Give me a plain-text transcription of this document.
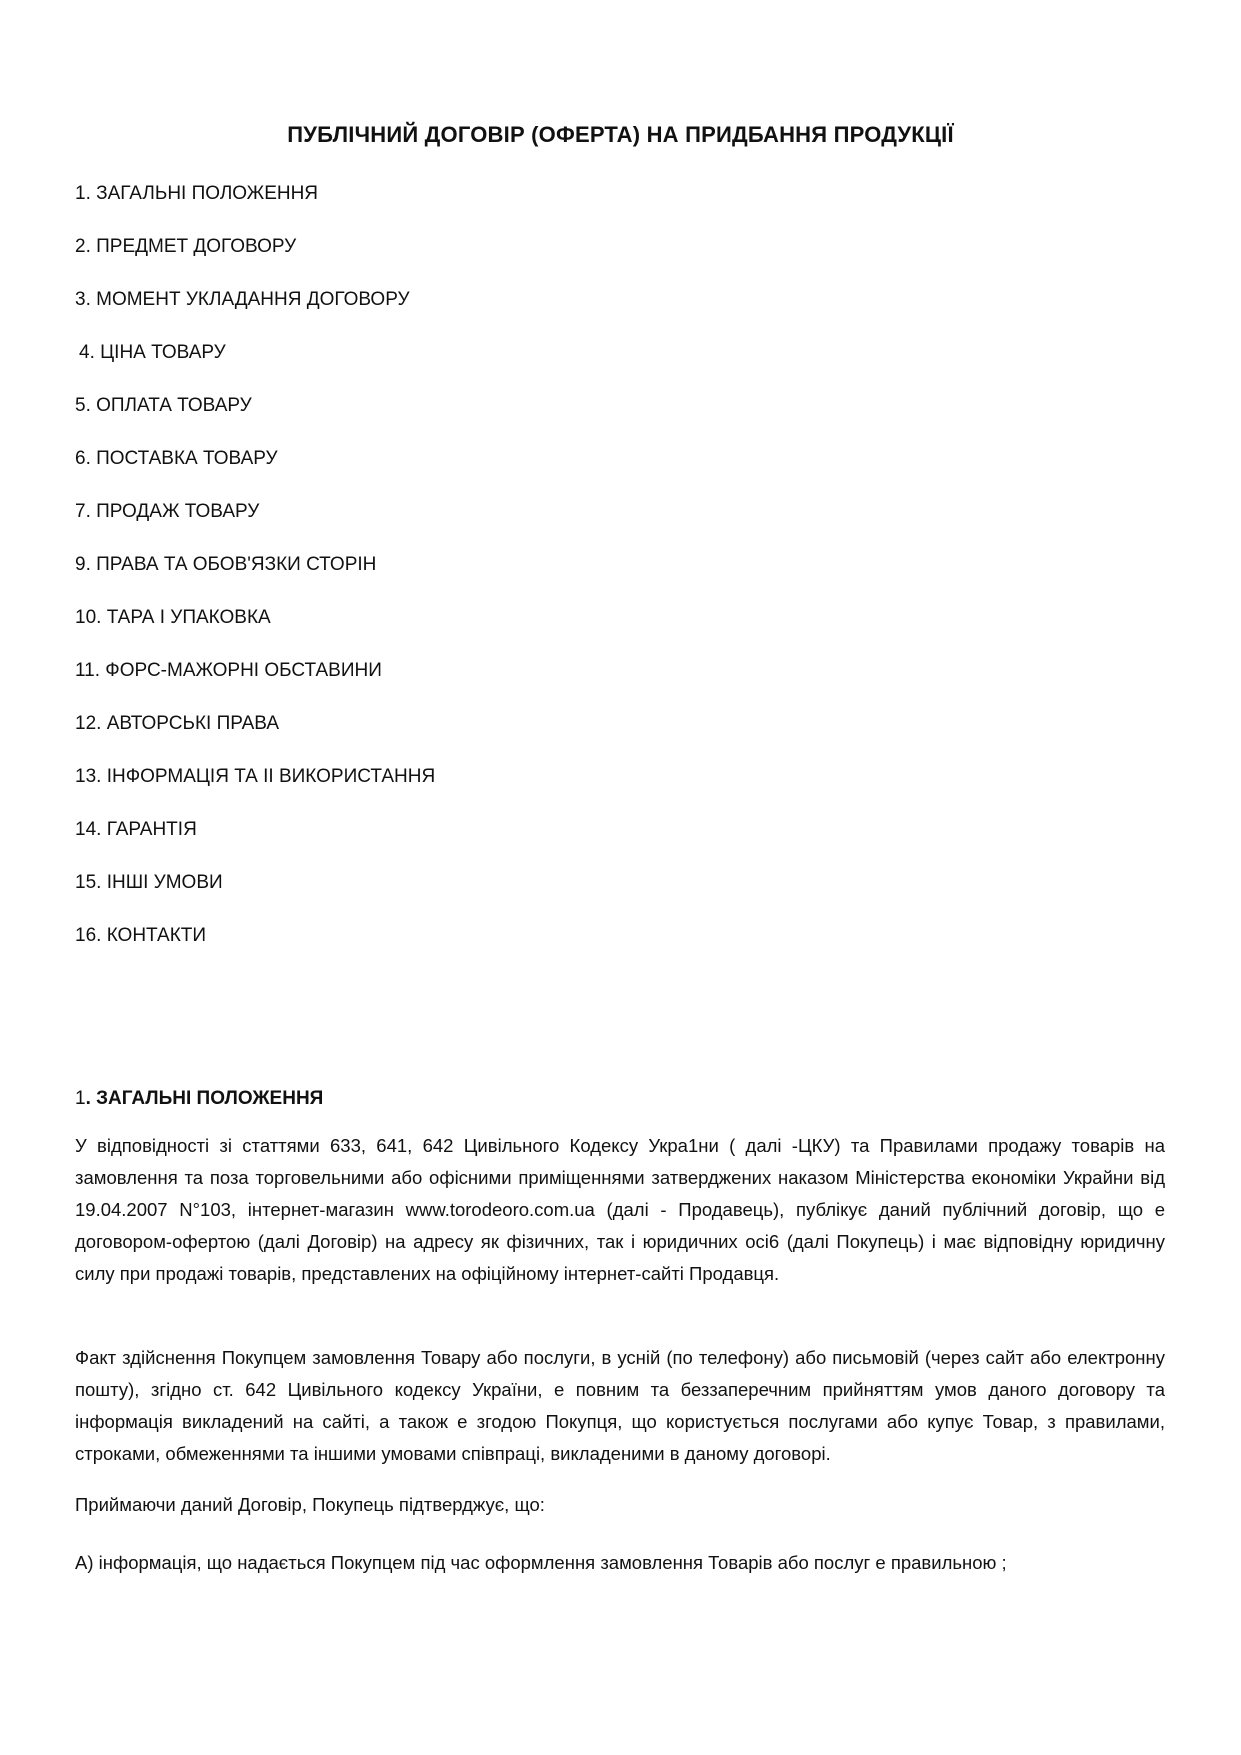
ПУБЛІЧНИЙ ДОГОВІР (ОФЕРТА) НА ПРИДБАННЯ ПРОДУКЦІЇ
1. ЗАГАЛЬНІ ПОЛОЖЕННЯ
2. ПРЕДМЕТ ДОГОВОРУ
3. МОМЕНТ УКЛАДАННЯ ДОГОВОРУ
4. ЦІНА ТОВАРУ
5. ОПЛАТА ТОВАРУ
6. ПОСТАВКА ТОВАРУ
7. ПРОДАЖ ТОВАРУ
9. ПРАВА ТА ОБОВ'ЯЗКИ СТОРІН
10. ТАРА І УПАКОВКА
11. ФОРС-МАЖОРНІ ОБСТАВИНИ
12. АВТОРСЬКІ ПРАВА
13. ІНФОРМАЦІЯ ТА ІІ ВИКОРИСТАННЯ
14. ГАРАНТІЯ
15. ІНШІ УМОВИ
16. КОНТАКТИ
1. ЗАГАЛЬНІ ПОЛОЖЕННЯ

У відповідності зі статтями 633, 641, 642 Цивільного Кодексу Укра1ни ( далі -ЦКУ) та Правилами продажу товарів на замовлення та поза торговельними або офісними приміщеннями затверджених наказом Міністерства економіки Украйни від 19.04.2007 N°103, інтернет-магазин www.torodeoro.com.ua (далі - Продавець), публікує даний публічний договір, що е договором-офертою (далі Договір) на адресу як фізичних, так і юридичних осі6 (далі Покупець) і має відповідну юридичну силу при продажі товарів, представлених на офіційному інтернет-сайті Продавця.

Факт здійснення Покупцем замовлення Товару або послуги, в усній (по телефону) або письмовій (через сайт або електронну пошту), згідно ст. 642 Цивільного кодексу України, е повним та беззаперечним прийняттям умов даного договору та інформація викладений на сайті, а також е згодою Покупця, що користується послугами або купує Товар, з правилами, строками, обмеженнями та іншими умовами співпраці, викладеними в даному договорі.

Приймаючи даний Договір, Покупець підтверджує, що:

А) інформація, що надається Покупцем під час оформлення замовлення Товарів або послуг е правильною ;
